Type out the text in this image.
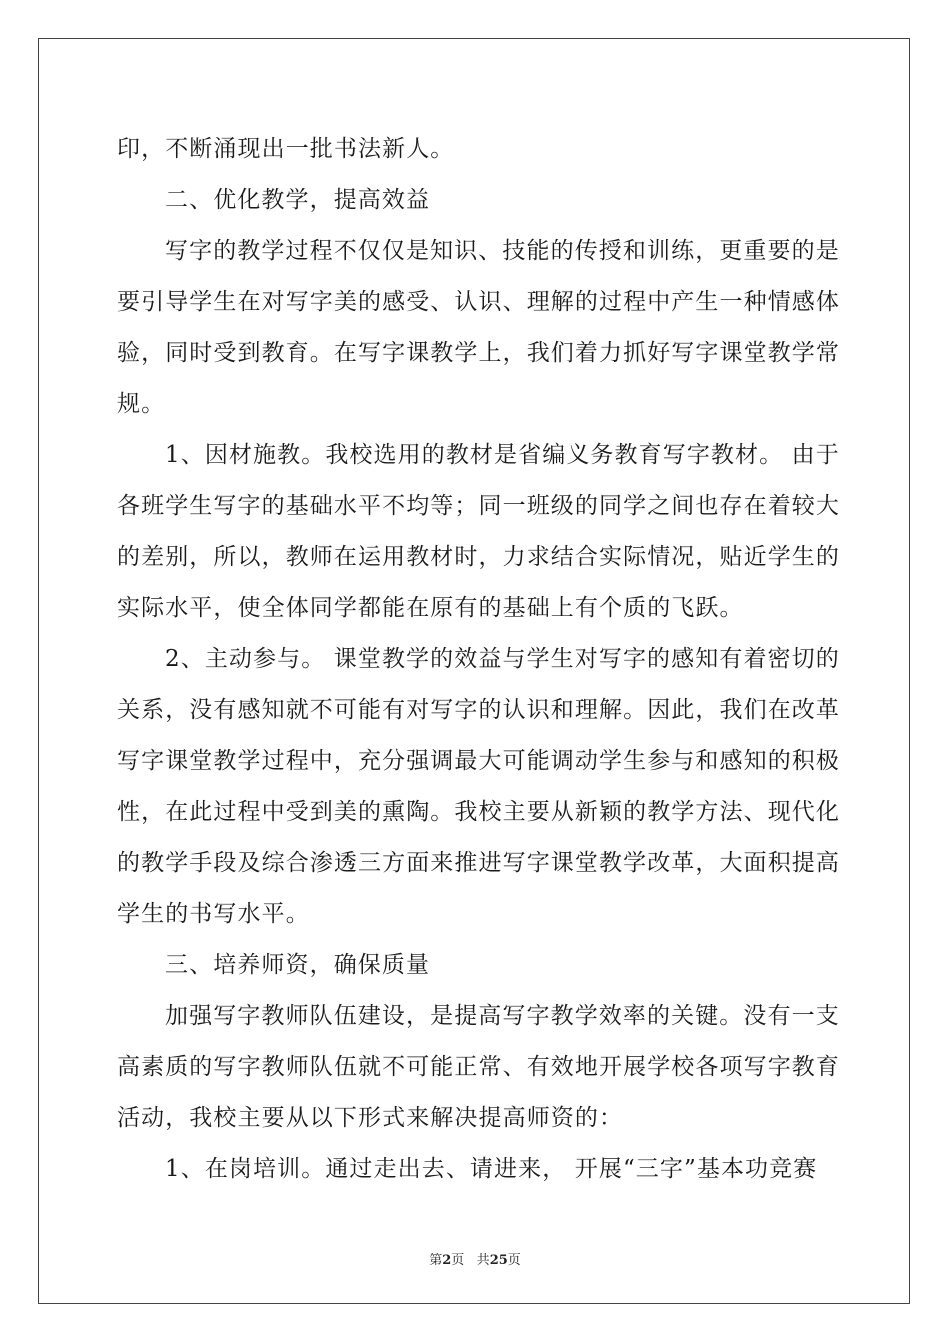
印，不断涌现出一批书法新人。
二、优化教学，提高效益
写字的教学过程不仅仅是知识、技能的传授和训练，更重要的是
要引导学生在对写字美的感受、认识、理解的过程中产生一种情感体
验，同时受到教育。在写字课教学上，我们着力抓好写字课堂教学常
规。
1、因材施教。我校选用的教材是省编义务教育写字教材。 由于
各班学生写字的基础水平不均等；同一班级的同学之间也存在着较大
的差别，所以，教师在运用教材时，力求结合实际情况，贴近学生的
实际水平，使全体同学都能在原有的基础上有个质的飞跃。
2、主动参与。 课堂教学的效益与学生对写字的感知有着密切的
关系，没有感知就不可能有对写字的认识和理解。因此，我们在改革
写字课堂教学过程中，充分强调最大可能调动学生参与和感知的积极
性，在此过程中受到美的熏陶。我校主要从新颖的教学方法、现代化
的教学手段及综合渗透三方面来推进写字课堂教学改革，大面积提高
学生的书写水平。
三、培养师资，确保质量
加强写字教师队伍建设，是提高写字教学效率的关键。没有一支
高素质的写字教师队伍就不可能正常、有效地开展学校各项写字教育
活动，我校主要从以下形式来解决提高师资的：
1、在岗培训。通过走出去、请进来， 开展“三字”基本功竞赛
第2页 共25页
